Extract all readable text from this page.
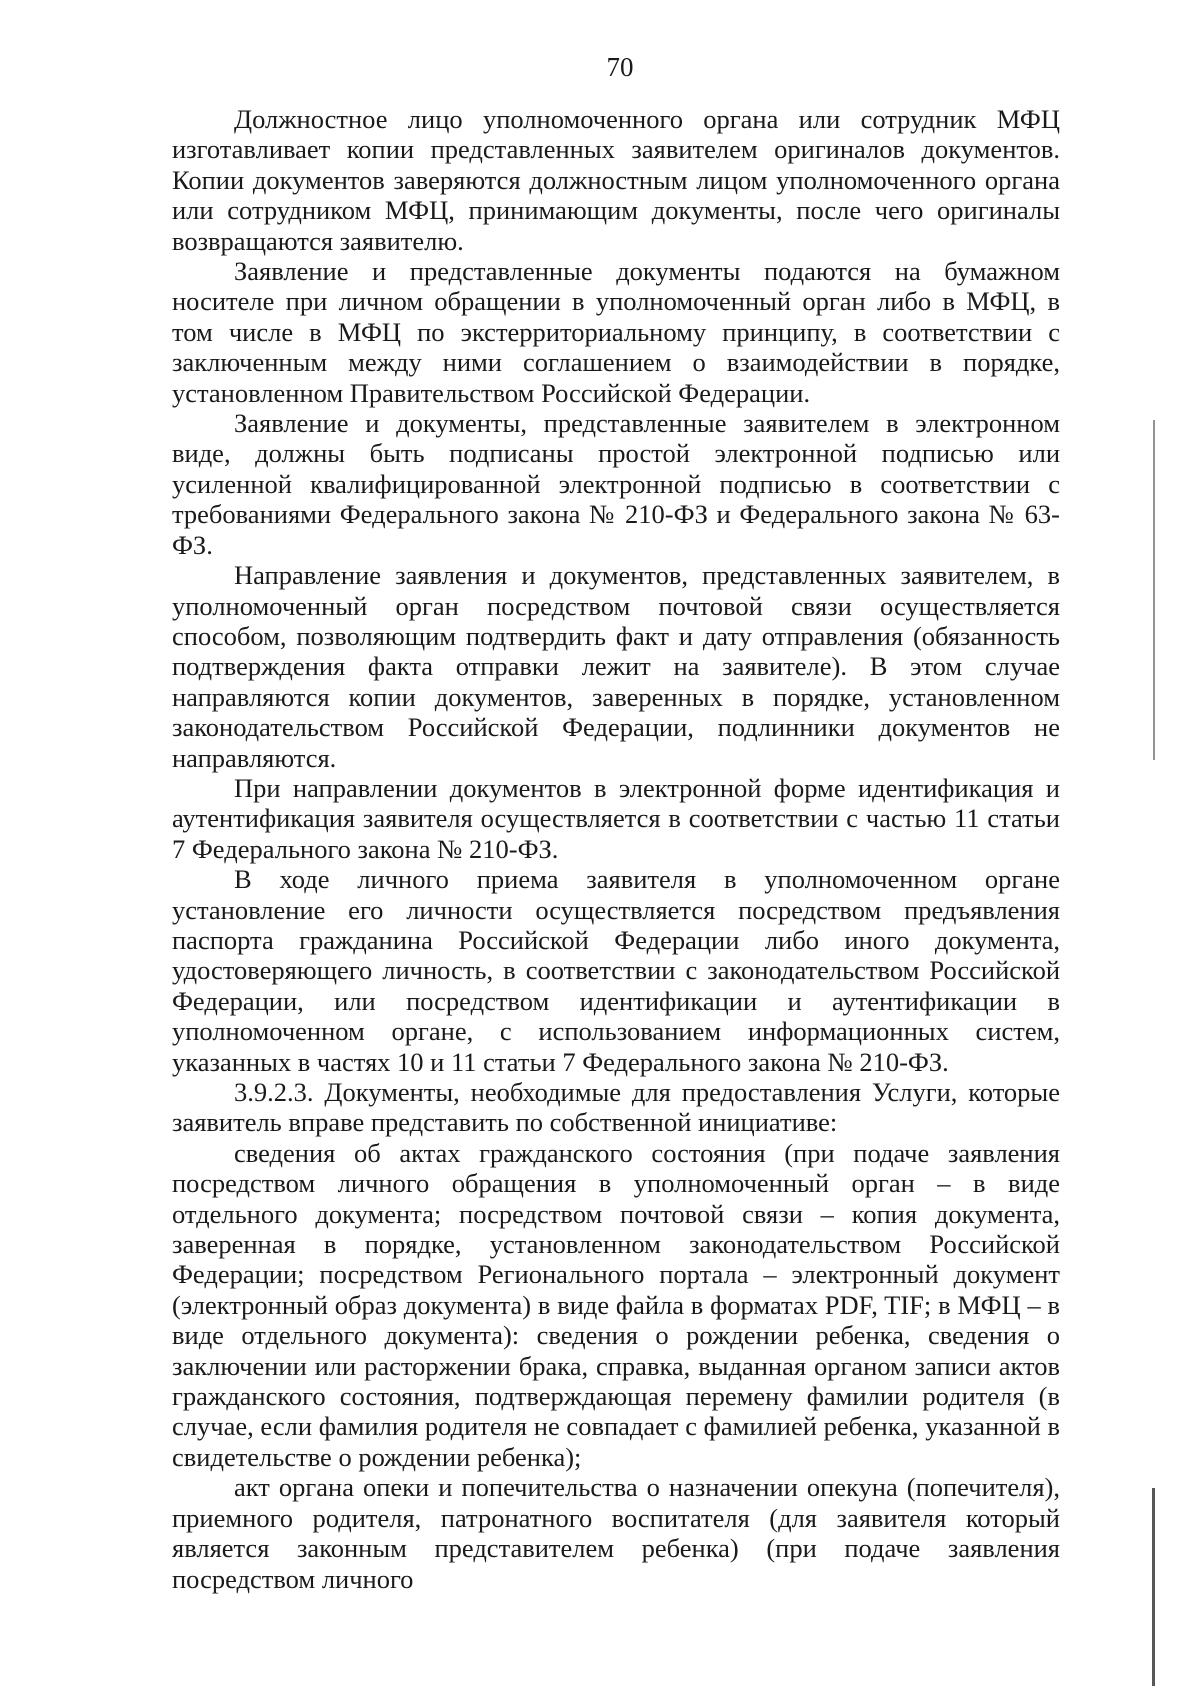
70

Должностное лицо уполномоченного органа или сотрудник МФЦ изготавливает копии представленных заявителем оригиналов документов. Копии документов заверяются должностным лицом уполномоченного органа или сотрудником МФЦ, принимающим документы, после чего оригиналы возвращаются заявителю.

Заявление и представленные документы подаются на бумажном носителе при личном обращении в уполномоченный орган либо в МФЦ, в том числе в МФЦ по экстерриториальному принципу, в соответствии с заключенным между ними соглашением о взаимодействии в порядке, установленном Правительством Российской Федерации.

Заявление и документы, представленные заявителем в электронном виде, должны быть подписаны простой электронной подписью или усиленной квалифицированной электронной подписью в соответствии с требованиями Федерального закона № 210-ФЗ и Федерального закона № 63-ФЗ.

Направление заявления и документов, представленных заявителем, в уполномоченный орган посредством почтовой связи осуществляется способом, позволяющим подтвердить факт и дату отправления (обязанность подтверждения факта отправки лежит на заявителе). В этом случае направляются копии документов, заверенных в порядке, установленном законодательством Российской Федерации, подлинники документов не направляются.

При направлении документов в электронной форме идентификация и аутентификация заявителя осуществляется в соответствии с частью 11 статьи 7 Федерального закона № 210-ФЗ.

В ходе личного приема заявителя в уполномоченном органе установление его личности осуществляется посредством предъявления паспорта гражданина Российской Федерации либо иного документа, удостоверяющего личность, в соответствии с законодательством Российской Федерации, или посредством идентификации и аутентификации в уполномоченном органе, с использованием информационных систем, указанных в частях 10 и 11 статьи 7 Федерального закона № 210-ФЗ.

3.9.2.3. Документы, необходимые для предоставления Услуги, которые заявитель вправе представить по собственной инициативе:

сведения об актах гражданского состояния (при подаче заявления посредством личного обращения в уполномоченный орган – в виде отдельного документа; посредством почтовой связи – копия документа, заверенная в порядке, установленном законодательством Российской Федерации; посредством Регионального портала – электронный документ (электронный образ документа) в виде файла в форматах PDF, TIF; в МФЦ – в виде отдельного документа): сведения о рождении ребенка, сведения о заключении или расторжении брака, справка, выданная органом записи актов гражданского состояния, подтверждающая перемену фамилии родителя (в случае, если фамилия родителя не совпадает с фамилией ребенка, указанной в свидетельстве о рождении ребенка);

акт органа опеки и попечительства о назначении опекуна (попечителя), приемного родителя, патронатного воспитателя (для заявителя который является законным представителем ребенка) (при подаче заявления посредством личного
